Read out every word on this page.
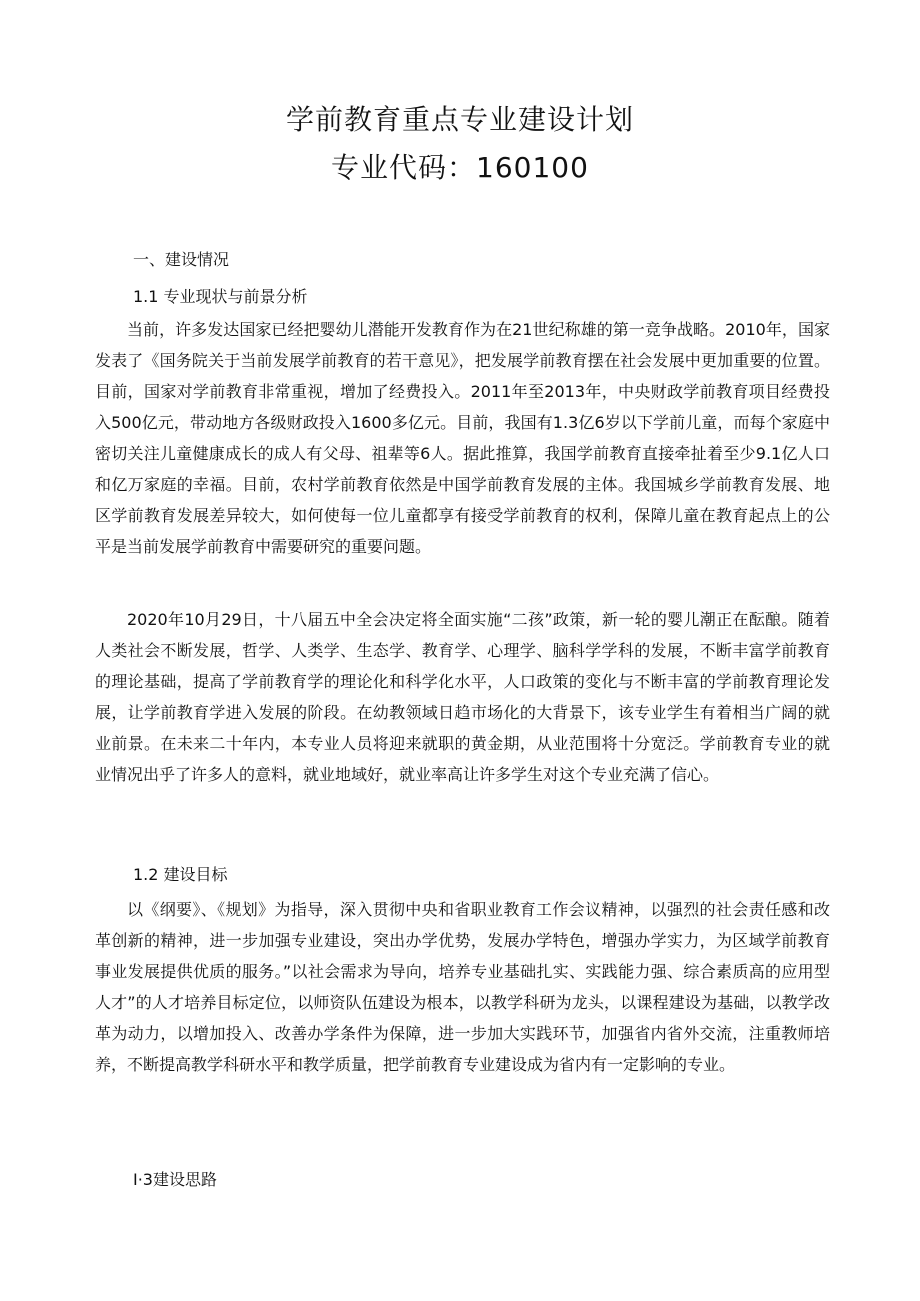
学前教育重点专业建设计划
专业代码：160100
一、建设情况
1.1 专业现状与前景分析

当前，许多发达国家已经把婴幼儿潜能开发教育作为在21世纪称雄的第一竞争战略。2010年，国家发表了《国务院关于当前发展学前教育的若干意见》，把发展学前教育摆在社会发展中更加重要的位置。目前，国家对学前教育非常重视，增加了经费投入。2011年至2013年，中央财政学前教育项目经费投入500亿元，带动地方各级财政投入1600多亿元。目前，我国有1.3亿6岁以下学前儿童，而每个家庭中密切关注儿童健康成长的成人有父母、祖辈等6人。据此推算，我国学前教育直接牵扯着至少9.1亿人口和亿万家庭的幸福。目前，农村学前教育依然是中国学前教育发展的主体。我国城乡学前教育发展、地区学前教育发展差异较大，如何使每一位儿童都享有接受学前教育的权利，保障儿童在教育起点上的公平是当前发展学前教育中需要研究的重要问题。

2020年10月29日，十八届五中全会决定将全面实施“二孩”政策，新一轮的婴儿潮正在酝酿。随着人类社会不断发展，哲学、人类学、生态学、教育学、心理学、脑科学学科的发展，不断丰富学前教育的理论基础，提高了学前教育学的理论化和科学化水平，人口政策的变化与不断丰富的学前教育理论发展，让学前教育学进入发展的阶段。在幼教领域日趋市场化的大背景下，该专业学生有着相当广阔的就业前景。在未来二十年内，本专业人员将迎来就职的黄金期，从业范围将十分宽泛。学前教育专业的就业情况出乎了许多人的意料，就业地域好，就业率高让许多学生对这个专业充满了信心。

1.2 建设目标

以《纲要》、《规划》为指导，深入贯彻中央和省职业教育工作会议精神，以强烈的社会责任感和改革创新的精神，进一步加强专业建设，突出办学优势，发展办学特色，增强办学实力，为区域学前教育事业发展提供优质的服务。”以社会需求为导向，培养专业基础扎实、实践能力强、综合素质高的应用型人才”的人才培养目标定位，以师资队伍建设为根本，以教学科研为龙头，以课程建设为基础，以教学改革为动力，以增加投入、改善办学条件为保障，进一步加大实践环节，加强省内省外交流，注重教师培养，不断提高教学科研水平和教学质量，把学前教育专业建设成为省内有一定影响的专业。

I·3建设思路
